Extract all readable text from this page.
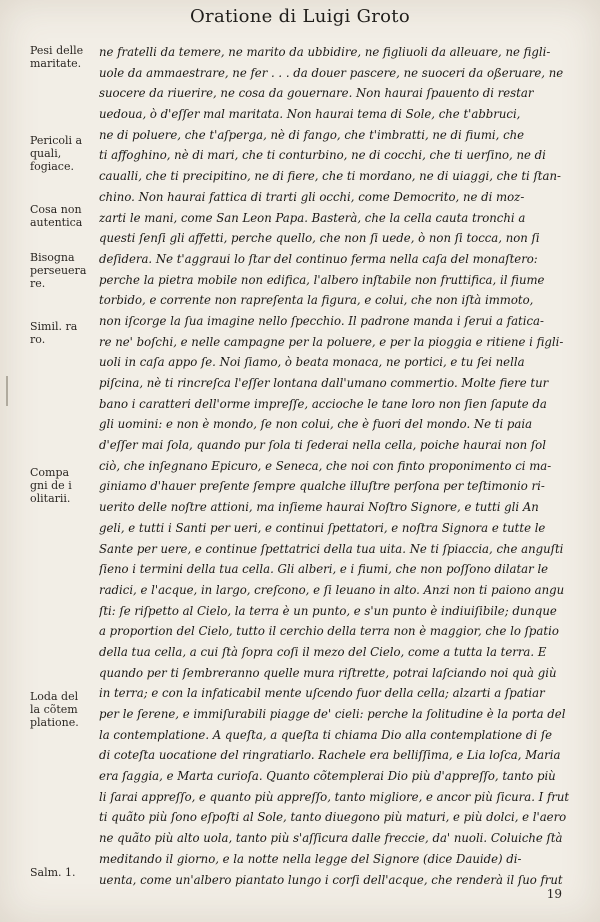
Oratione di Luigi Groto
Pesi delle maritate.
Pericoli a quali, fogiace.
Cosa non autentica
Bisogna perseuera re.
Simil. ra ro.
Compa gni de i olitarii.
Loda del la cõtem platione.
Salm. 1.
ne fratelli da temere, ne marito da ubbidire, ne figliuoli da alleuare, ne figli-
uole da ammaestrare, ne fer . . . da douer pascere, ne suoceri da oßeruare, ne
suocere da riuerire, ne cosa da gouernare. Non haurai ſpauento di restar
uedoua, ò d'eſſer mal maritata. Non haurai tema di Sole, che t'abbruci,
ne di poluere, che t'aſperga, nè di fango, che t'imbratti, ne di fiumi, che
ti affoghino, nè di mari, che ti conturbino, ne di cocchi, che ti uerſino, ne di
caualli, che ti precipitino, ne di fiere, che ti mordano, ne di uiaggi, che ti ſtan-
chino. Non haurai fattica di trarti gli occhi, come Democrito, ne di moz-
zarti le mani, come San Leon Papa. Basterà, che la cella cauta tronchi a
questi ſenſi gli affetti, perche quello, che non ſi uede, ò non ſi tocca, non ſi
deſidera. Ne t'aggraui lo ſtar del continuo ferma nella caſa del monaſtero:
perche la pietra mobile non edifica, l'albero inſtabile non fruttifica, il fiume
torbido, e corrente non rapreſenta la figura, e colui, che non iſtà immoto,
non iſcorge la ſua imagine nello ſpecchio. Il padrone manda i ſerui a fatica-
re ne' boſchi, e nelle campagne per la poluere, e per la pioggia e ritiene i figli-
uoli in caſa appo ſe. Noi ſiamo, ò beata monaca, ne portici, e tu ſei nella
piſcina, nè ti rincreſca l'eſſer lontana dall'umano commertio. Molte fiere tur
bano i caratteri dell'orme impreſſe, accioche le tane loro non ſien ſapute da
gli uomini: e non è mondo, ſe non colui, che è fuori del mondo. Ne ti paia
d'eſſer mai ſola, quando pur ſola ti ſederai nella cella, poiche haurai non ſol
ciò, che inſegnano Epicuro, e Seneca, che noi con finto proponimento ci ma-
giniamo d'hauer preſente ſempre qualche illuſtre perſona per teſtimonio ri-
uerito delle noſtre attioni, ma inſieme haurai Noſtro Signore, e tutti gli An
geli, e tutti i Santi per ueri, e continui ſpettatori, e noſtra Signora e tutte le
Sante per uere, e continue ſpettatrici della tua uita. Ne ti ſpiaccia, che anguſti
ſieno i termini della tua cella. Gli alberi, e i fiumi, che non poſſono dilatar le
radici, e l'acque, in largo, creſcono, e ſi leuano in alto. Anzi non ti paiono angu
ſti: ſe riſpetto al Cielo, la terra è un punto, e s'un punto è indiuiſibile; dunque
a proportion del Cielo, tutto il cerchio della terra non è maggior, che lo ſpatio
della tua cella, a cui ſtà ſopra coſi il mezo del Cielo, come a tutta la terra. E
quando per ti ſembreranno quelle mura riſtrette, potrai laſciando noi quà giù
in terra; e con la infaticabil mente uſcendo fuor della cella; alzarti a ſpatiar
per le ſerene, e immiſurabili piagge de' cieli: perche la ſolitudine è la porta del
la contemplatione. A queſta, a queſta ti chiama Dio alla contemplatione di ſe
di coteſta uocatione del ringratiarlo. Rachele era belliſſima, e Lia loſca, Maria
era ſaggia, e Marta curioſa. Quanto cõtemplerai Dio più d'appreſſo, tanto più
li ſarai appreſſo, e quanto più appreſſo, tanto migliore, e ancor più ſicura. I frut
ti quãto più ſono eſpoſti al Sole, tanto diuegono più maturi, e più dolci, e l'aero
ne quãto più alto uola, tanto più s'aſſicura dalle freccie, da' nuoli. Coluiche ſtà
meditando il giorno, e la notte nella legge del Signore (dice Dauide) di-
uenta, come un'albero piantato lungo i corſi dell'acque, che renderà il ſuo frut
19
